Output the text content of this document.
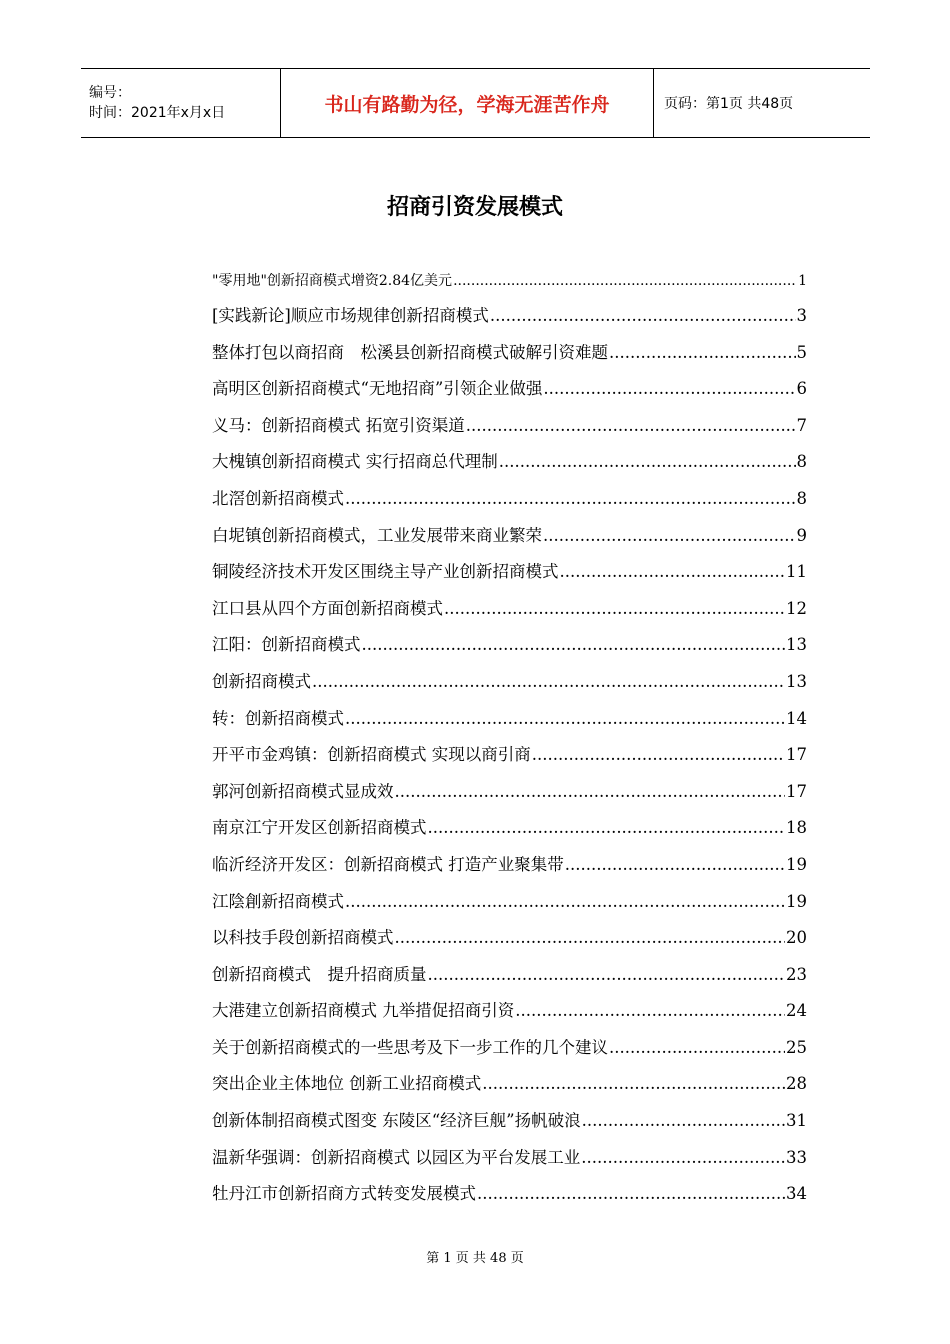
编号：
时间：2021年x月x日	书山有路勤为径，学海无涯苦作舟	页码：第1页 共48页
招商引资发展模式
"零用地"创新招商模式增资2.84亿美元 .....	1
[实践新论]顺应市场规律创新招商模式 .....	3
整体打包以商招商　松溪县创新招商模式破解引资难题 .....	5
高明区创新招商模式“无地招商”引领企业做强 .....	6
义马：创新招商模式 拓宽引资渠道 .....	7
大槐镇创新招商模式 实行招商总代理制 .....	8
北滘创新招商模式 .....	8
白坭镇创新招商模式，工业发展带来商业繁荣 .....	9
铜陵经济技术开发区围绕主导产业创新招商模式 .....	11
江口县从四个方面创新招商模式 .....	12
江阳：创新招商模式 .....	13
创新招商模式 .....	13
转：创新招商模式 .....	14
开平市金鸡镇：创新招商模式 实现以商引商 .....	17
郭河创新招商模式显成效 .....	17
南京江宁开发区创新招商模式 .....	18
临沂经济开发区：创新招商模式 打造产业聚集带 .....	19
江陰創新招商模式 .....	19
以科技手段创新招商模式 .....	20
创新招商模式　提升招商质量 .....	23
大港建立创新招商模式 九举措促招商引资 .....	24
关于创新招商模式的一些思考及下一步工作的几个建议 .....	25
突出企业主体地位 创新工业招商模式 .....	28
创新体制招商模式图变 东陵区“经济巨舰”扬帆破浪 .....	31
温新华强调：创新招商模式 以园区为平台发展工业 .....	33
牡丹江市创新招商方式转变发展模式 .....	34
第 1 页 共 48 页
